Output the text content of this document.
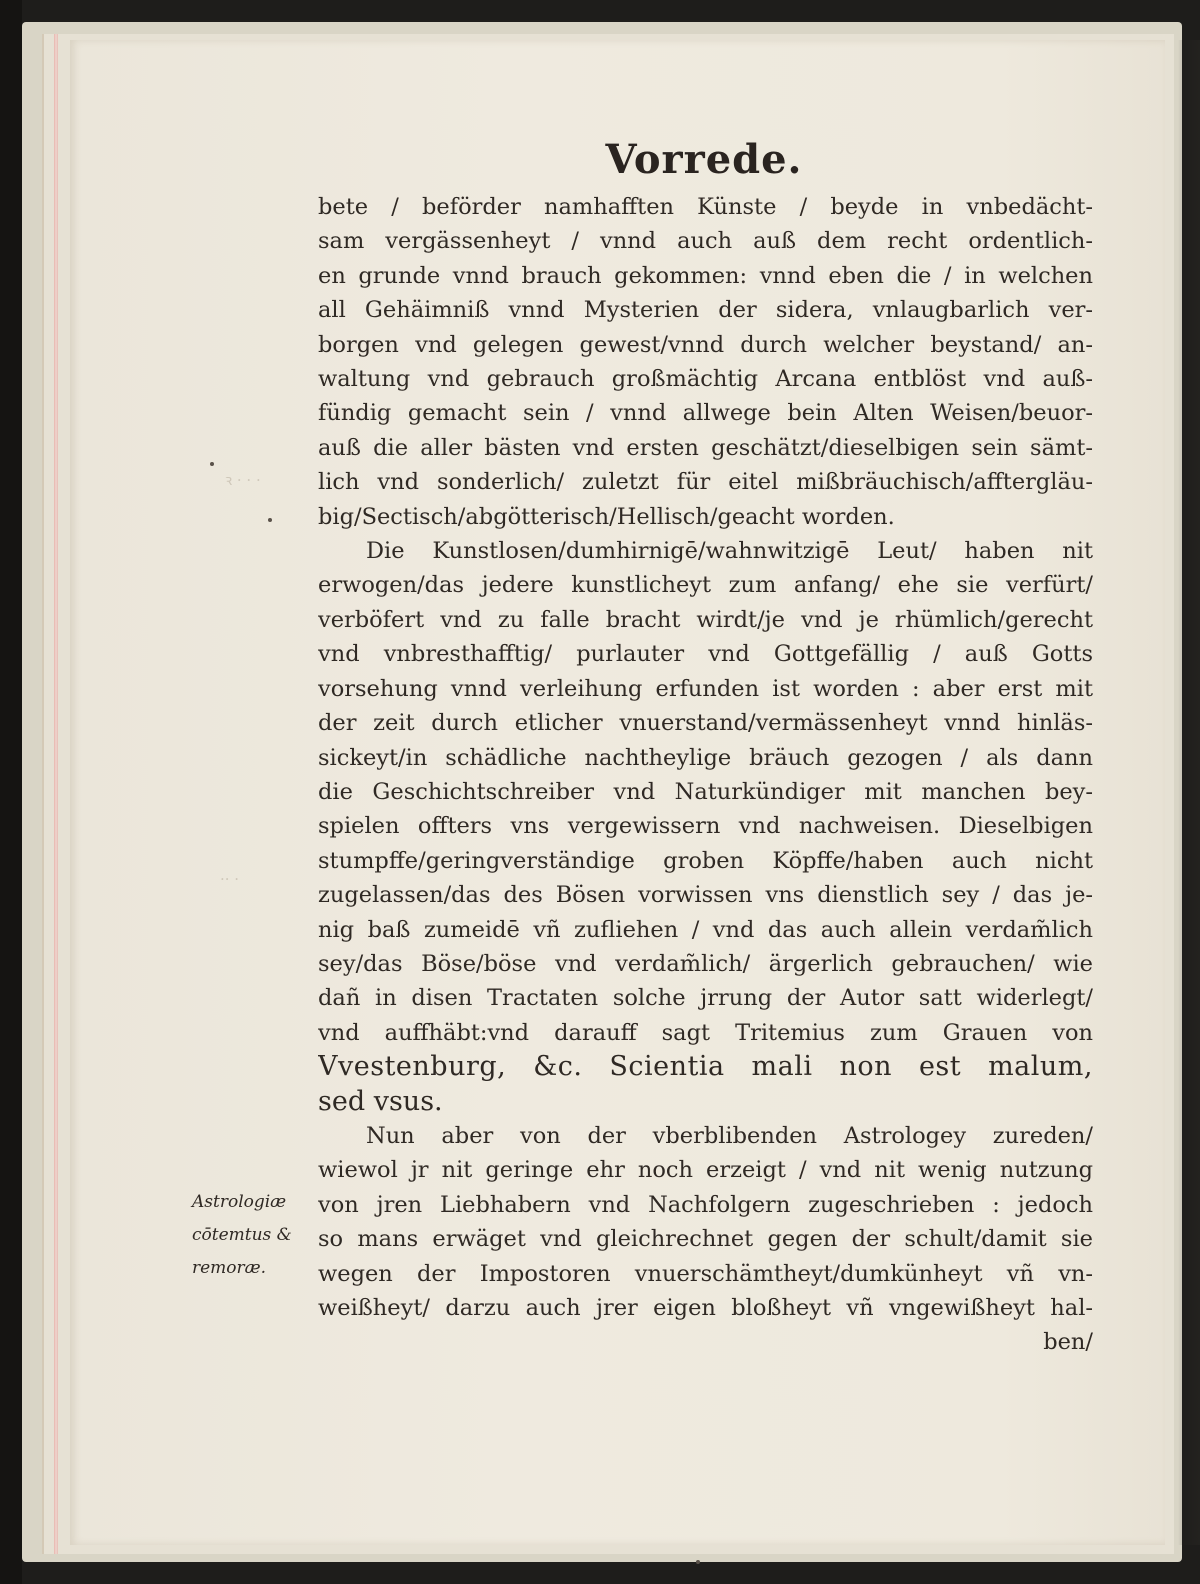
ꝛ · · ·
·· ·
Vorrede.
bete / beförder namhafften Künste / beyde in vnbedächt-
sam vergässenheyt / vnnd auch auß dem recht ordentlich-
en grunde vnnd brauch gekommen: vnnd eben die / in welchen
all Gehäimniß vnnd Mysterien der sidera, vnlaugbarlich ver-
borgen vnd gelegen gewest/vnnd durch welcher beystand/ an-
waltung vnd gebrauch großmächtig Arcana entblöst vnd auß-
fündig gemacht sein / vnnd allwege bein Alten Weisen/beuor-
auß die aller bästen vnd ersten geschätzt/dieselbigen sein sämt-
lich vnd sonderlich/ zuletzt für eitel mißbräuchisch/afftergläu-
big/Sectisch/abgötterisch/Hellisch/geacht worden.
Die Kunstlosen/dumhirnigē/wahnwitzigē Leut/ haben nit
erwogen/das jedere kunstlicheyt zum anfang/ ehe sie verfürt/
verböfert vnd zu falle bracht wirdt/je vnd je rhümlich/gerecht
vnd vnbresthafftig/ purlauter vnd Gottgefällig / auß Gotts
vorsehung vnnd verleihung erfunden ist worden : aber erst mit
der zeit durch etlicher vnuerstand/vermässenheyt vnnd hinläs-
sickeyt/in schädliche nachtheylige bräuch gezogen / als dann
die Geschichtschreiber vnd Naturkündiger mit manchen bey-
spielen offters vns vergewissern vnd nachweisen. Dieselbigen
stumpffe/geringverständige groben Köpffe/haben auch nicht
zugelassen/das des Bösen vorwissen vns dienstlich sey / das je-
nig baß zumeidē vñ zufliehen / vnd das auch allein verdam̃lich
sey/das Böse/böse vnd verdam̃lich/ ärgerlich gebrauchen/ wie
dañ in disen Tractaten solche jrrung der Autor satt widerlegt/
vnd auffhäbt:vnd darauff sagt Tritemius zum Grauen von
Vvestenburg, &c. Scientia mali non est malum,
sed vsus.
Nun aber von der vberblibenden Astrologey zureden/
wiewol jr nit geringe ehr noch erzeigt / vnd nit wenig nutzung
von jren Liebhabern vnd Nachfolgern zugeschrieben : jedoch
so mans erwäget vnd gleichrechnet gegen der schult/damit sie
wegen der Impostoren vnuerschämtheyt/dumkünheyt vñ vn-
weißheyt/ darzu auch jrer eigen bloßheyt vñ vngewißheyt hal-
ben/
Astrologiæ
cōtemtus &
remoræ.
